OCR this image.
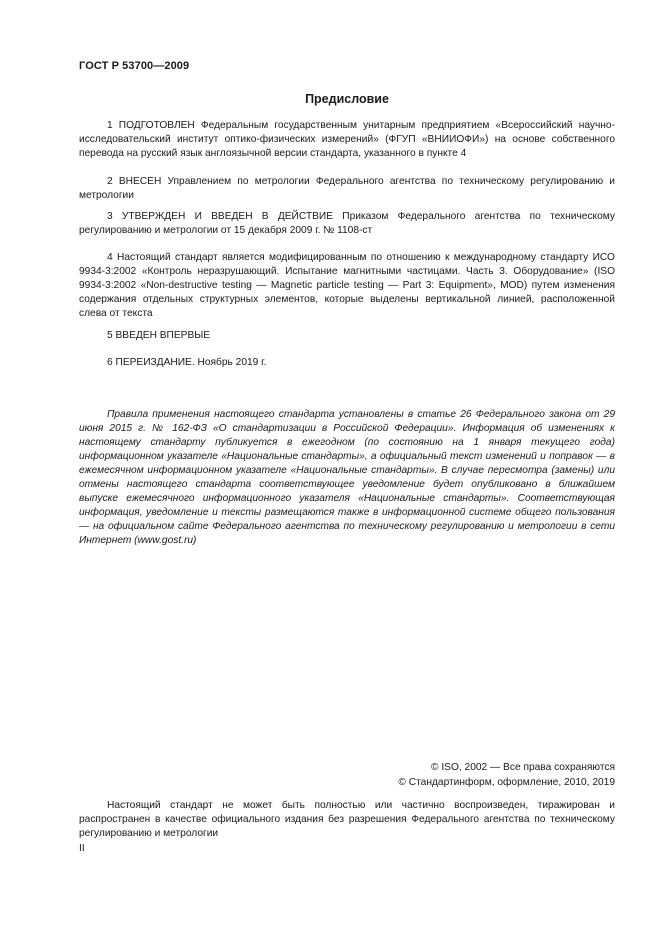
ГОСТ Р 53700—2009
Предисловие

1 ПОДГОТОВЛЕН Федеральным государственным унитарным предприятием «Всероссийский научно-исследовательский институт оптико-физических измерений» (ФГУП «ВНИИОФИ») на основе собственного перевода на русский язык англоязычной версии стандарта, указанного в пункте 4

2 ВНЕСЕН Управлением по метрологии Федерального агентства по техническому регулированию и метрологии

3 УТВЕРЖДЕН И ВВЕДЕН В ДЕЙСТВИЕ Приказом Федерального агентства по техническому регулированию и метрологии от 15 декабря 2009 г. № 1108-ст

4 Настоящий стандарт является модифицированным по отношению к международному стандарту ИСО 9934-3:2002 «Контроль неразрушающий. Испытание магнитными частицами. Часть 3. Оборудование» (ISO 9934-3:2002 «Non-destructive testing — Magnetic particle testing — Part 3: Equipment», MOD) путем изменения содержания отдельных структурных элементов, которые выделены вертикальной линией, расположенной слева от текста

5 ВВЕДЕН ВПЕРВЫЕ

6 ПЕРЕИЗДАНИЕ. Ноябрь 2019 г.

Правила применения настоящего стандарта установлены в статье 26 Федерального закона от 29 июня 2015 г. № 162-ФЗ «О стандартизации в Российской Федерации». Информация об изменениях к настоящему стандарту публикуется в ежегодном (по состоянию на 1 января текущего года) информационном указателе «Национальные стандарты», а официальный текст изменений и поправок — в ежемесячном информационном указателе «Национальные стандарты». В случае пересмотра (замены) или отмены настоящего стандарта соответствующее уведомление будет опубликовано в ближайшем выпуске ежемесячного информационного указателя «Национальные стандарты». Соответствующая информация, уведомление и тексты размещаются также в информационной системе общего пользования — на официальном сайте Федерального агентства по техническому регулированию и метрологии в сети Интернет (www.gost.ru)

© ISO, 2002 — Все права сохраняются
© Стандартинформ, оформление, 2010, 2019

Настоящий стандарт не может быть полностью или частично воспроизведен, тиражирован и распространен в качестве официального издания без разрешения Федерального агентства по техническому регулированию и метрологии

II
